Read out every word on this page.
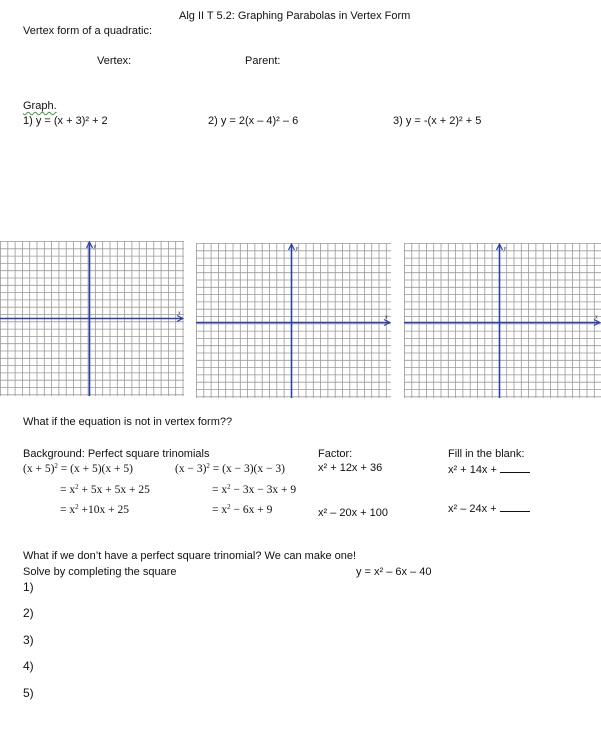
Alg II T 5.2: Graphing Parabolas in Vertex Form
Vertex form of a quadratic:
Vertex:	Parent:
Graph.
1) y = (x + 3)² + 2	2) y = 2(x – 4)² – 6	3) y = -(x + 2)² + 5
y
x
y
x
y
x
What if the equation is not in vertex form??
Background: Perfect square trinomials
$(x + 5)^2 = (x + 5)(x + 5)$
= $x^2 + 5x + 5x + 25$
= $x^2 +10x + 25$
$(x - 3)^2 = (x - 3)(x - 3)$
= $x^2 - 3x - 3x + 9$
= $x^2 - 6x + 9$
Factor:
x² + 12x + 36
x² – 20x + 100
Fill in the blank:
x² + 14x +
x² – 24x +
What if we don’t have a perfect square trinomial? We can make one!
Solve by completing the square	y = x² – 6x – 40
1)
2)
3)
4)
5)
